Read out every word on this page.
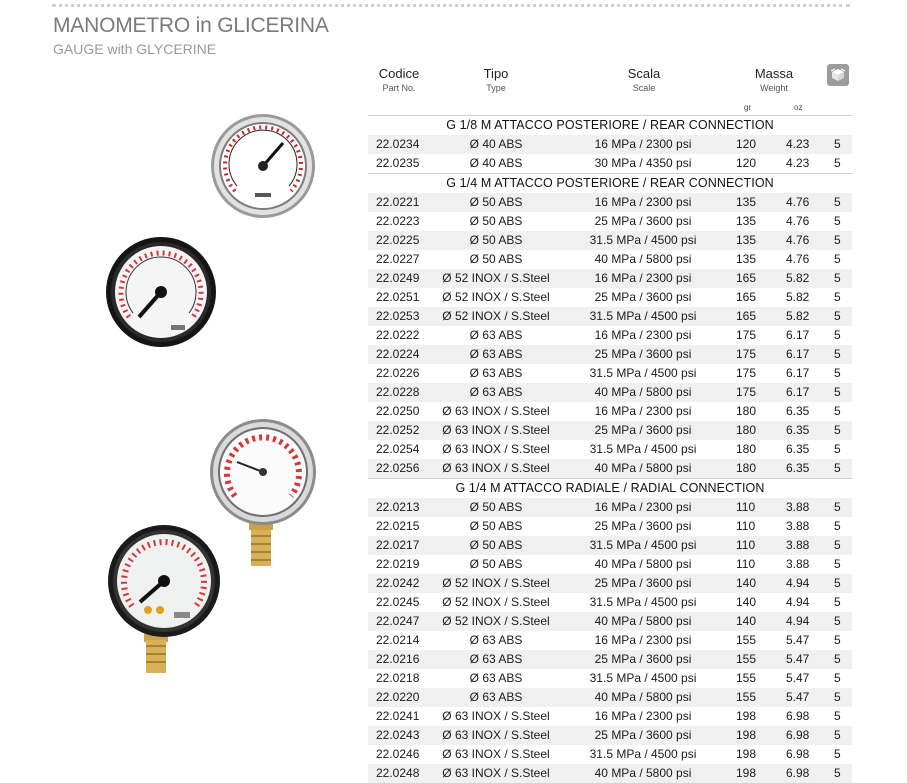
MANOMETRO in GLICERINA
GAUGE with GLYCERINE
Codice
Part No.
Tipo
Type
Scala
Scale
Massa
Weight
gr	oz
G 1/8 M ATTACCO POSTERIORE / REAR CONNECTION
22.0234	Ø 40 ABS	16 MPa / 2300 psi	120 4.23 5
22.0235	Ø 40 ABS	30 MPa / 4350 psi	120 4.23 5
G 1/4 M ATTACCO POSTERIORE / REAR CONNECTION
22.0221	Ø 50 ABS	16 MPa / 2300 psi	135 4.76 5
22.0223	Ø 50 ABS	25 MPa / 3600 psi	135 4.76 5
22.0225	Ø 50 ABS	31.5 MPa / 4500 psi	135 4.76 5
22.0227	Ø 50 ABS	40 MPa / 5800 psi	135 4.76 5
22.0249 Ø 52 INOX / S.Steel	16 MPa / 2300 psi	165 5.82 5
22.0251 Ø 52 INOX / S.Steel	25 MPa / 3600 psi	165 5.82 5
22.0253 Ø 52 INOX / S.Steel	31.5 MPa / 4500 psi	165 5.82 5
22.0222	Ø 63 ABS	16 MPa / 2300 psi	175 6.17 5
22.0224	Ø 63 ABS	25 MPa / 3600 psi	175 6.17 5
22.0226	Ø 63 ABS	31.5 MPa / 4500 psi	175 6.17 5
22.0228	Ø 63 ABS	40 MPa / 5800 psi	175 6.17 5
22.0250 Ø 63 INOX / S.Steel	16 MPa / 2300 psi	180 6.35 5
22.0252 Ø 63 INOX / S.Steel	25 MPa / 3600 psi	180 6.35 5
22.0254 Ø 63 INOX / S.Steel	31.5 MPa / 4500 psi	180 6.35 5
22.0256 Ø 63 INOX / S.Steel	40 MPa / 5800 psi	180 6.35 5
G 1/4 M ATTACCO RADIALE / RADIAL CONNECTION
22.0213	Ø 50 ABS	16 MPa / 2300 psi	110	3.88 5
22.0215	Ø 50 ABS	25 MPa / 3600 psi	110	3.88 5
22.0217	Ø 50 ABS	31.5 MPa / 4500 psi	110	3.88 5
22.0219	Ø 50 ABS	40 MPa / 5800 psi	110	3.88 5
22.0242 Ø 52 INOX / S.Steel	25 MPa / 3600 psi	140 4.94 5
22.0245 Ø 52 INOX / S.Steel	31.5 MPa / 4500 psi	140 4.94 5
22.0247 Ø 52 INOX / S.Steel	40 MPa / 5800 psi	140 4.94 5
22.0214	Ø 63 ABS	16 MPa / 2300 psi	155 5.47 5
22.0216	Ø 63 ABS	25 MPa / 3600 psi	155 5.47 5
22.0218	Ø 63 ABS	31.5 MPa / 4500 psi	155 5.47 5
22.0220	Ø 63 ABS	40 MPa / 5800 psi	155 5.47 5
22.0241 Ø 63 INOX / S.Steel	16 MPa / 2300 psi	198 6.98 5
22.0243 Ø 63 INOX / S.Steel	25 MPa / 3600 psi	198 6.98 5
22.0246 Ø 63 INOX / S.Steel	31.5 MPa / 4500 psi	198 6.98 5
22.0248 Ø 63 INOX / S.Steel	40 MPa / 5800 psi	198 6.98 5
